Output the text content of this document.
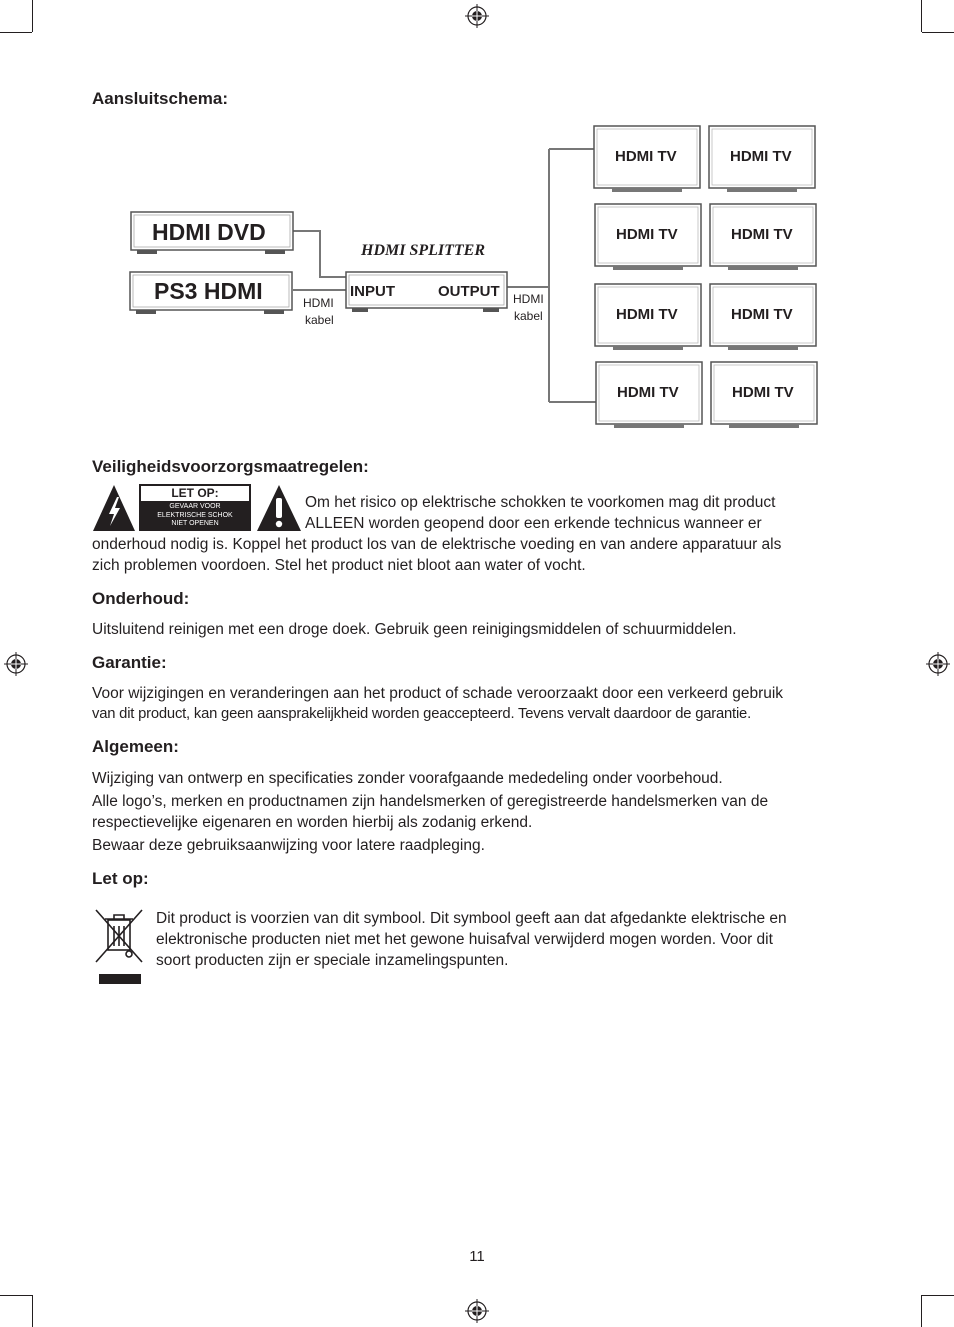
Aansluitschema:
HDMI DVD
PS3 HDMI	INPUT	OUTPUT
HDMI SPLITTER
HDMI
kabel
HDMI
kabel
HDMI TV	HDMI TV
HDMI TV	HDMI TV
HDMI TV	HDMI TV
HDMI TV	HDMI TV
Veiligheidsvoorzorgsmaatregelen:
LET OP:
GEVAAR VOOR
ELEKTRISCHE SCHOK
NIET OPENEN

Om het risico op elektrische schokken te voorkomen mag dit product

ALLEEN worden geopend door een erkende technicus wanneer er

onderhoud nodig is. Koppel het product los van de elektrische voeding en van andere apparatuur als

zich problemen voordoen. Stel het product niet bloot aan water of vocht.

Onderhoud:

Uitsluitend reinigen met een droge doek. Gebruik geen reinigingsmiddelen of schuurmiddelen.

Garantie:

Voor wijzigingen en veranderingen aan het product of schade veroorzaakt door een verkeerd gebruik

van dit product, kan geen aansprakelijkheid worden geaccepteerd. Tevens vervalt daardoor de garantie.

Algemeen:

Wijziging van ontwerp en specificaties zonder voorafgaande mededeling onder voorbehoud.

Alle logo’s, merken en productnamen zijn handelsmerken of geregistreerde handelsmerken van de

respectievelijke eigenaren en worden hierbij als zodanig erkend.

Bewaar deze gebruiksaanwijzing voor latere raadpleging.

Let op:

Dit product is voorzien van dit symbool. Dit symbool geeft aan dat afgedankte elektrische en

elektronische producten niet met het gewone huisafval verwijderd mogen worden. Voor dit

soort producten zijn er speciale inzamelingspunten.

11
